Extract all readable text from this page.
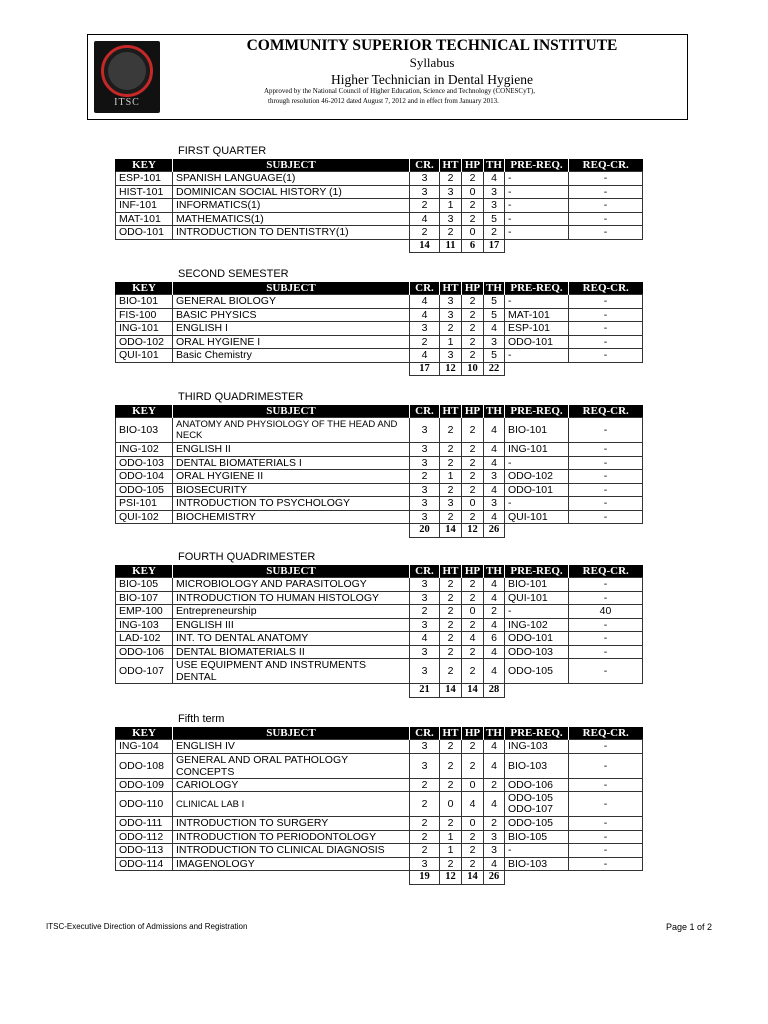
ITSC
COMMUNITY SUPERIOR TECHNICAL INSTITUTE
Syllabus
Higher Technician in Dental Hygiene
Approved by the National Council of Higher Education, Science and Technology (CONESCyT),
through resolution 46-2012 dated August 7, 2012 and in effect from January 2013.
FIRST QUARTER
KEY	SUBJECT	CR.	HT	HP	TH	PRE-REQ.	REQ-CR.
ESP-101	SPANISH LANGUAGE(1)	3	2	2	4	-	-
HIST-101	DOMINICAN SOCIAL HISTORY (1)	3	3	0	3	-	-
INF-101	INFORMATICS(1)	2	1	2	3	-	-
MAT-101	MATHEMATICS(1)	4	3	2	5	-	-
ODO-101	INTRODUCTION TO DENTISTRY(1)	2	2	0	2	-	-
		14	11	6	17		
SECOND SEMESTER
KEY	SUBJECT	CR.	HT	HP	TH	PRE-REQ.	REQ-CR.
BIO-101	GENERAL BIOLOGY	4	3	2	5	-	-
FIS-100	BASIC PHYSICS	4	3	2	5	MAT-101	-
ING-101	ENGLISH I	3	2	2	4	ESP-101	-
ODO-102	ORAL HYGIENE I	2	1	2	3	ODO-101	-
QUI-101	Basic Chemistry	4	3	2	5	-	-
		17	12	10	22		
THIRD QUADRIMESTER
KEY	SUBJECT	CR.	HT	HP	TH	PRE-REQ.	REQ-CR.
BIO-103	ANATOMY AND PHYSIOLOGY OF THE HEAD AND NECK	3	2	2	4	BIO-101	-
ING-102	ENGLISH II	3	2	2	4	ING-101	-
ODO-103	DENTAL BIOMATERIALS I	3	2	2	4	-	-
ODO-104	ORAL HYGIENE II	2	1	2	3	ODO-102	-
ODO-105	BIOSECURITY	3	2	2	4	ODO-101	-
PSI-101	INTRODUCTION TO PSYCHOLOGY	3	3	0	3	-	-
QUI-102	BIOCHEMISTRY	3	2	2	4	QUI-101	-
		20	14	12	26		
FOURTH QUADRIMESTER
KEY	SUBJECT	CR.	HT	HP	TH	PRE-REQ.	REQ-CR.
BIO-105	MICROBIOLOGY AND PARASITOLOGY	3	2	2	4	BIO-101	-
BIO-107	INTRODUCTION TO HUMAN HISTOLOGY	3	2	2	4	QUI-101	-
EMP-100	Entrepreneurship	2	2	0	2	-	40
ING-103	ENGLISH III	3	2	2	4	ING-102	-
LAD-102	INT. TO DENTAL ANATOMY	4	2	4	6	ODO-101	-
ODO-106	DENTAL BIOMATERIALS II	3	2	2	4	ODO-103	-
ODO-107	USE EQUIPMENT AND INSTRUMENTS DENTAL	3	2	2	4	ODO-105	-
		21	14	14	28		
Fifth term
KEY	SUBJECT	CR.	HT	HP	TH	PRE-REQ.	REQ-CR.
ING-104	ENGLISH IV	3	2	2	4	ING-103	-
ODO-108	GENERAL AND ORAL PATHOLOGY CONCEPTS	3	2	2	4	BIO-103	-
ODO-109	CARIOLOGY	2	2	0	2	ODO-106	-
ODO-110	CLINICAL LAB I	2	0	4	4	ODO-105 ODO-107	-
ODO-111	INTRODUCTION TO SURGERY	2	2	0	2	ODO-105	-
ODO-112	INTRODUCTION TO PERIODONTOLOGY	2	1	2	3	BIO-105	-
ODO-113	INTRODUCTION TO CLINICAL DIAGNOSIS	2	1	2	3	-	-
ODO-114	IMAGENOLOGY	3	2	2	4	BIO-103	-
		19	12	14	26		
ITSC-Executive Direction of Admissions and Registration	Page 1 of 2
